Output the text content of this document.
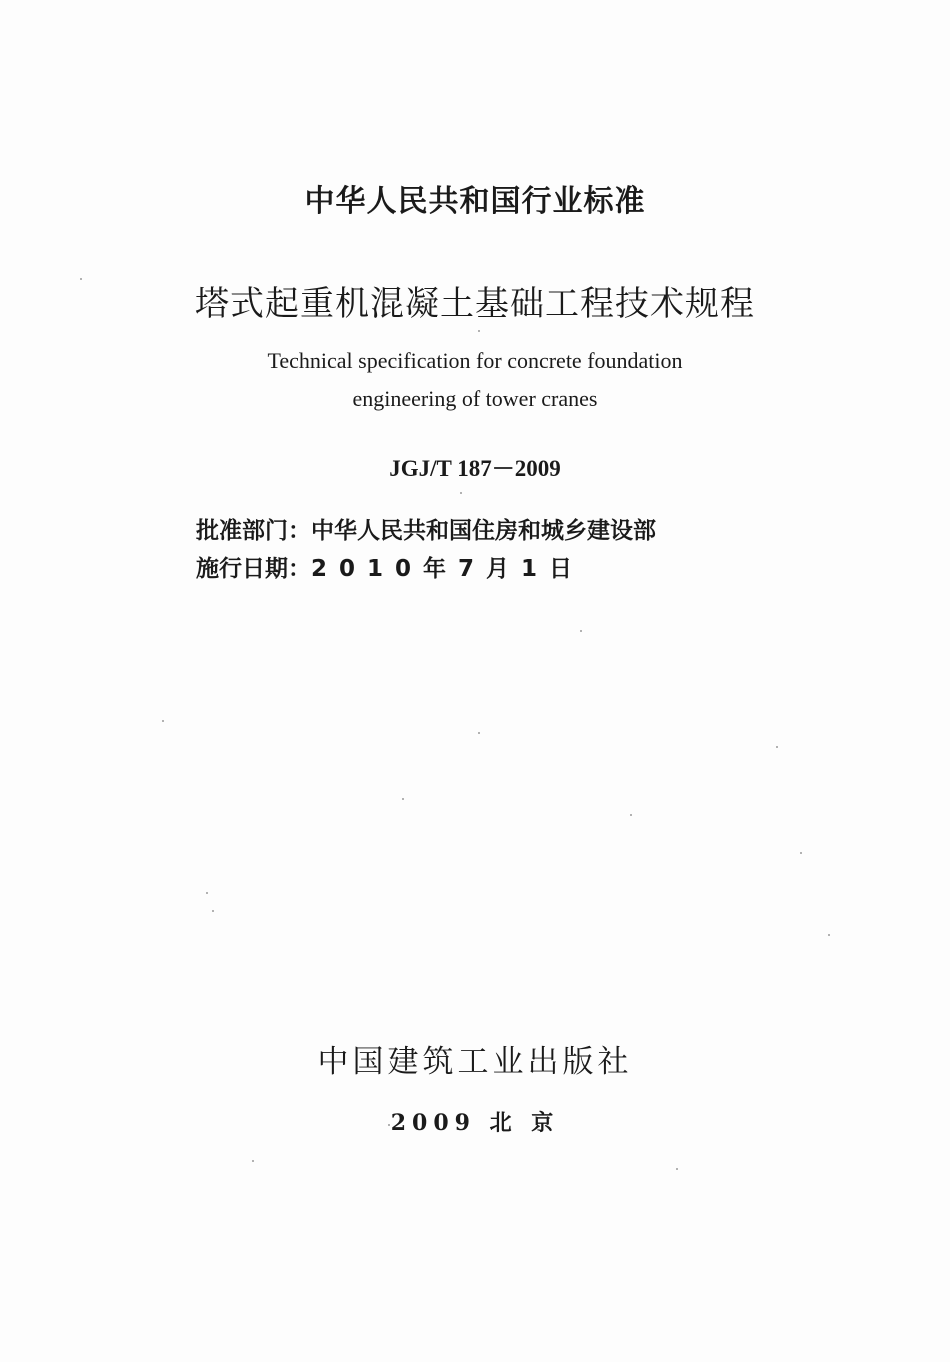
中华人民共和国行业标准
塔式起重机混凝土基础工程技术规程
Technical specification for concrete foundation
engineering of tower cranes
JGJ/T 187－2009
批准部门：中华人民共和国住房和城乡建设部
施行日期：2010年7月1日
中国建筑工业出版社
2009 北 京
